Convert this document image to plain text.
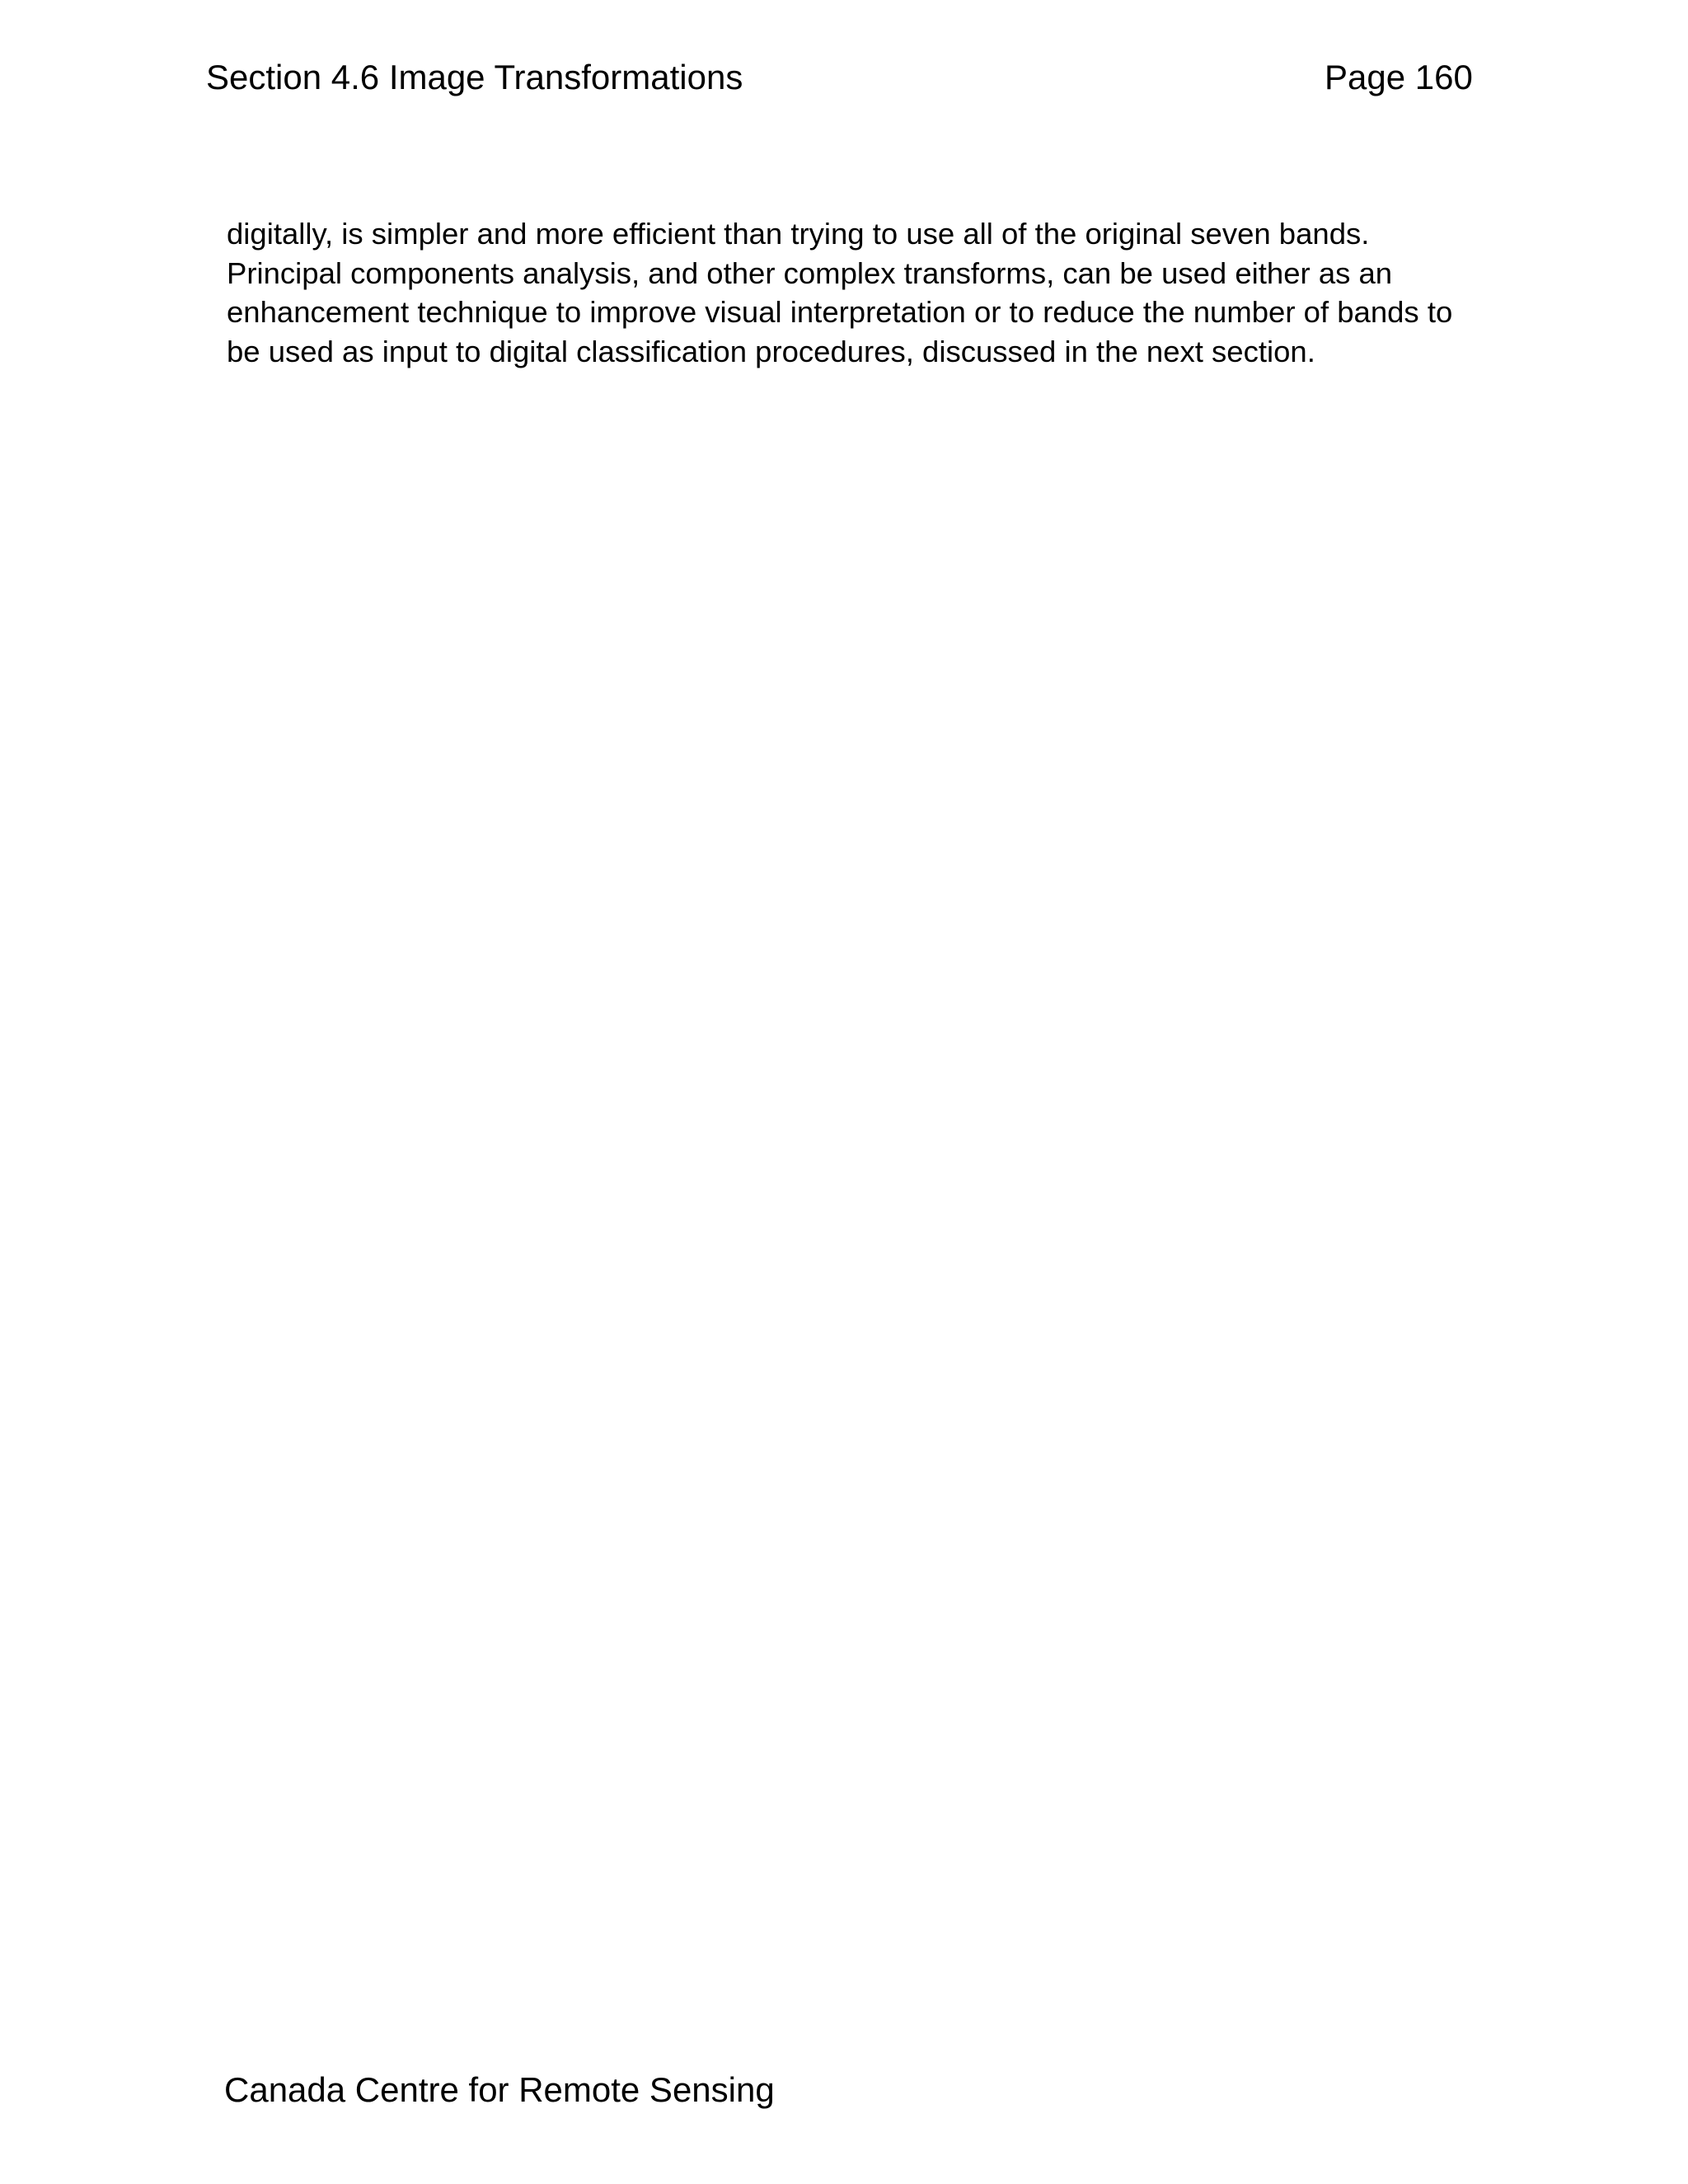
Section 4.6 Image Transformations	Page 160
digitally, is simpler and more efficient than trying to use all of the original seven bands.
Principal components analysis, and other complex transforms, can be used either as an
enhancement technique to improve visual interpretation or to reduce the number of bands to
be used as input to digital classification procedures, discussed in the next section.
Canada Centre for Remote Sensing
